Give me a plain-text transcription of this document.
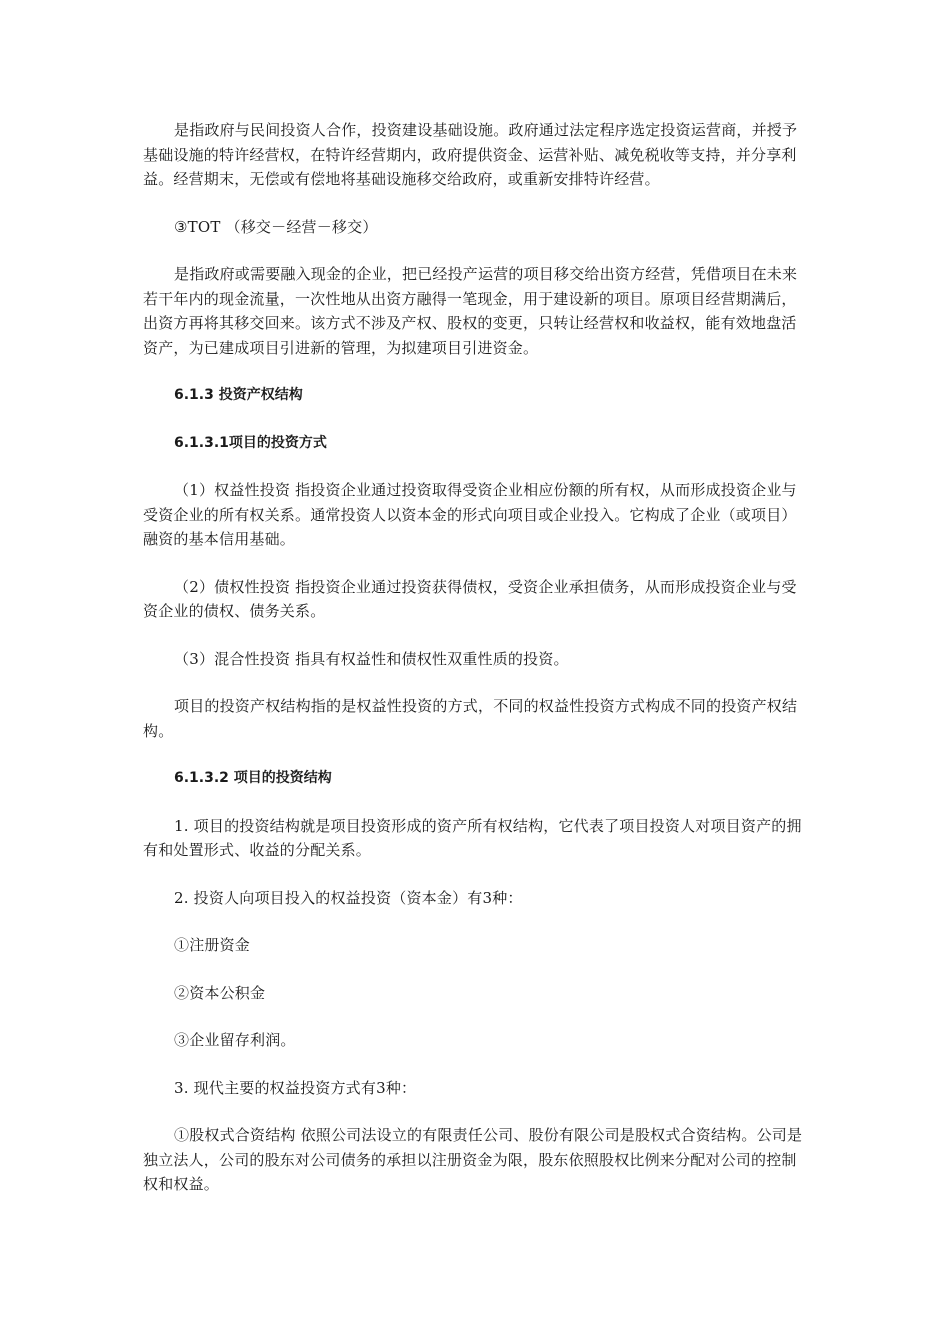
是指政府与民间投资人合作，投资建设基础设施。政府通过法定程序选定投资运营商，并授予基础设施的特许经营权，在特许经营期内，政府提供资金、运营补贴、减免税收等支持，并分享利益。经营期末，无偿或有偿地将基础设施移交给政府，或重新安排特许经营。

③TOT （移交－经营－移交）

是指政府或需要融入现金的企业，把已经投产运营的项目移交给出资方经营，凭借项目在未来若干年内的现金流量，一次性地从出资方融得一笔现金，用于建设新的项目。原项目经营期满后，出资方再将其移交回来。该方式不涉及产权、股权的变更，只转让经营权和收益权，能有效地盘活资产，为已建成项目引进新的管理，为拟建项目引进资金。

6.1.3 投资产权结构

6.1.3.1项目的投资方式

（1）权益性投资 指投资企业通过投资取得受资企业相应份额的所有权，从而形成投资企业与受资企业的所有权关系。通常投资人以资本金的形式向项目或企业投入。它构成了企业（或项目）融资的基本信用基础。

（2）债权性投资 指投资企业通过投资获得债权，受资企业承担债务，从而形成投资企业与受资企业的债权、债务关系。

（3）混合性投资 指具有权益性和债权性双重性质的投资。

项目的投资产权结构指的是权益性投资的方式，不同的权益性投资方式构成不同的投资产权结构。

6.1.3.2 项目的投资结构

1. 项目的投资结构就是项目投资形成的资产所有权结构，它代表了项目投资人对项目资产的拥有和处置形式、收益的分配关系。

2. 投资人向项目投入的权益投资（资本金）有3种：

①注册资金

②资本公积金

③企业留存利润。

3. 现代主要的权益投资方式有3种：

①股权式合资结构 依照公司法设立的有限责任公司、股份有限公司是股权式合资结构。公司是独立法人，公司的股东对公司债务的承担以注册资金为限，股东依照股权比例来分配对公司的控制权和权益。
